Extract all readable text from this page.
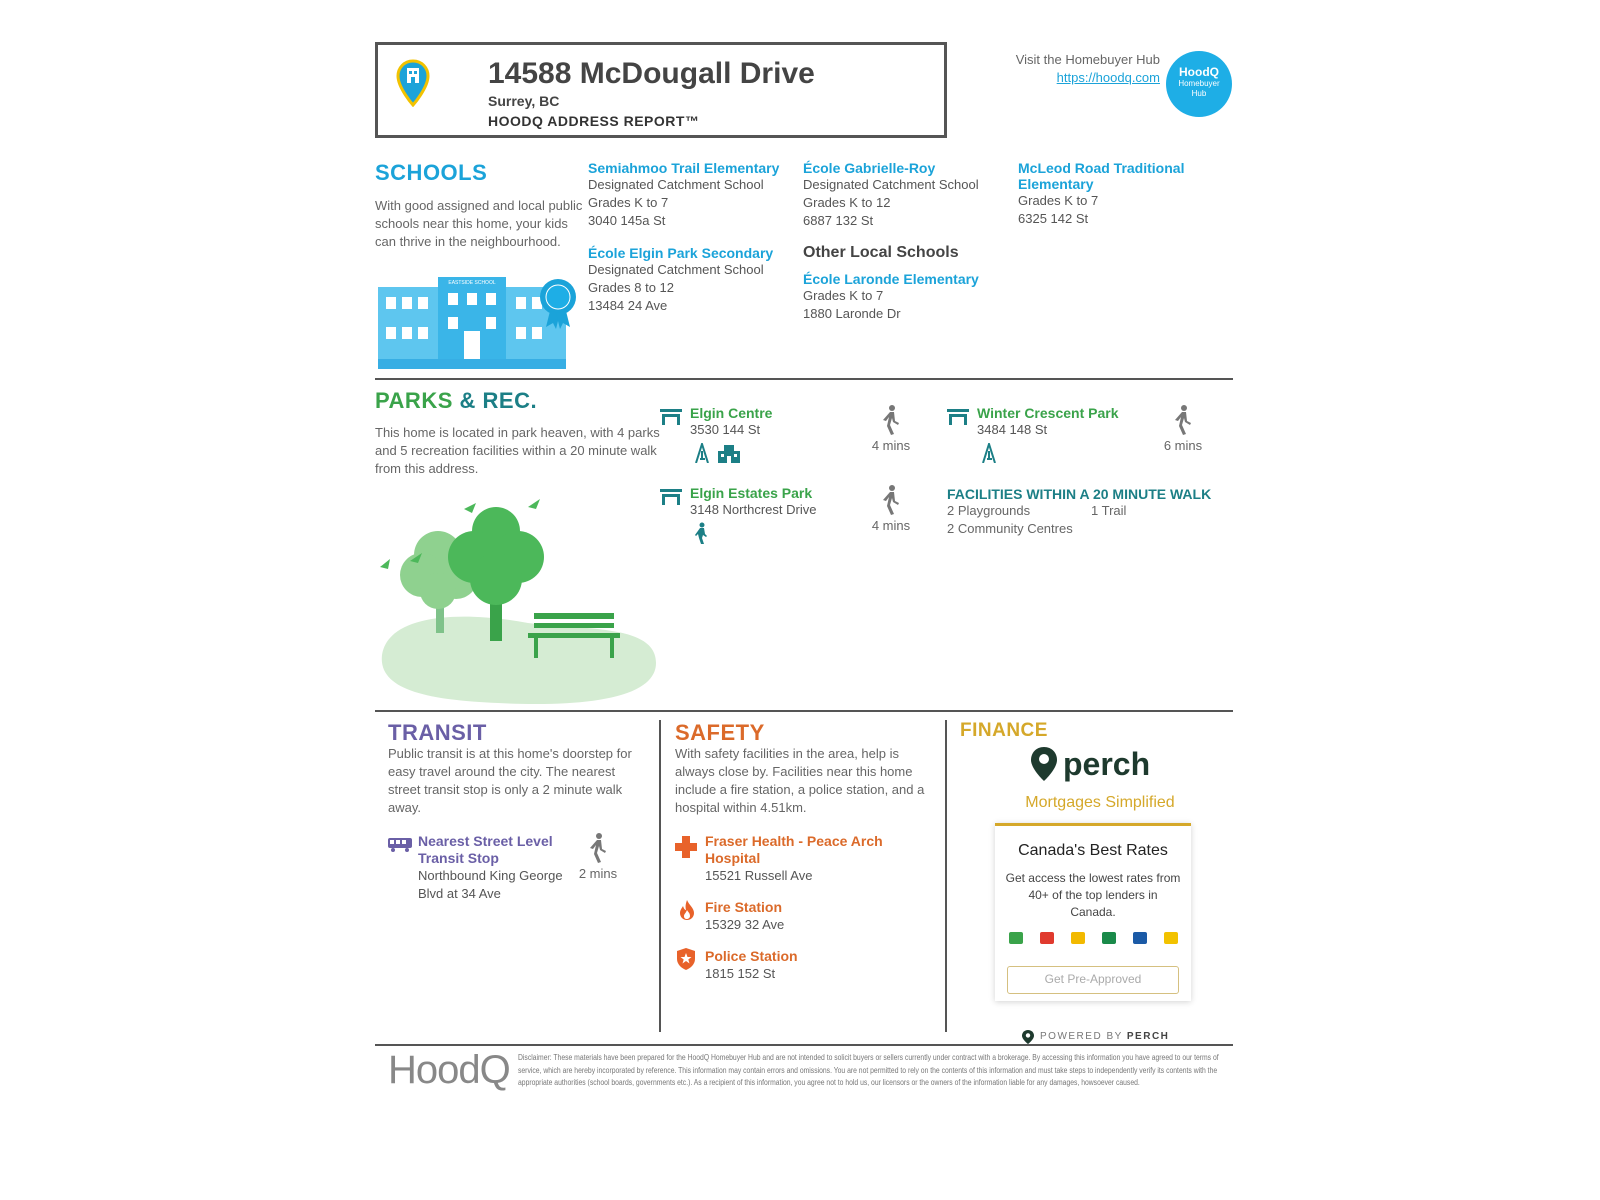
14588 McDougall Drive
Surrey, BC
HOODQ ADDRESS REPORT™
Visit the Homebuyer Hub
https://hoodq.com	HoodQ
Homebuyer
Hub
SCHOOLS
With good assigned and local public schools near this home, your kids can thrive in the neighbourhood.
EASTSIDE SCHOOL
Semiahmoo Trail Elementary
Designated Catchment School
Grades K to 7
3040 145a St
École Elgin Park Secondary
Designated Catchment School
Grades 8 to 12
13484 24 Ave
École Gabrielle-Roy
Designated Catchment School
Grades K to 12
6887 132 St
Other Local Schools
École Laronde Elementary
Grades K to 7
1880 Laronde Dr
McLeod Road Traditional Elementary
Grades K to 7
6325 142 St
PARKS & REC.
This home is located in park heaven, with 4 parks and 5 recreation facilities within a 20 minute walk from this address.
Elgin Centre
3530 144 St
4 mins
Winter Crescent Park
3484 148 St
6 mins
Elgin Estates Park
3148 Northcrest Drive
4 mins
FACILITIES WITHIN A 20 MINUTE WALK
2 Playgrounds	1 Trail
2 Community Centres
TRANSIT
Public transit is at this home's doorstep for easy travel around the city. The nearest street transit stop is only a 2 minute walk away.
Nearest Street Level Transit Stop
Northbound King George Blvd at 34 Ave
2 mins
SAFETY
With safety facilities in the area, help is always close by. Facilities near this home include a fire station, a police station, and a hospital within 4.51km.
Fraser Health - Peace Arch Hospital
15521 Russell Ave
Fire Station
15329 32 Ave
Police Station
1815 152 St
FINANCE
perch
Mortgages Simplified
Canada's Best Rates
Get access the lowest rates from 40+ of the top lenders in Canada.
Get Pre-Approved
POWERED BY PERCH
HoodQ Disclaimer: These materials have been prepared for the HoodQ Homebuyer Hub and are not intended to solicit buyers or sellers currently under contract with a brokerage. By accessing this information you have agreed to our terms of service, which are hereby incorporated by reference. This information may contain errors and omissions. You are not permitted to rely on the contents of this information and must take steps to independently verify its contents with the appropriate authorities (school boards, governments etc.). As a recipient of this information, you agree not to hold us, our licensors or the owners of the information liable for any damages, howsoever caused.
